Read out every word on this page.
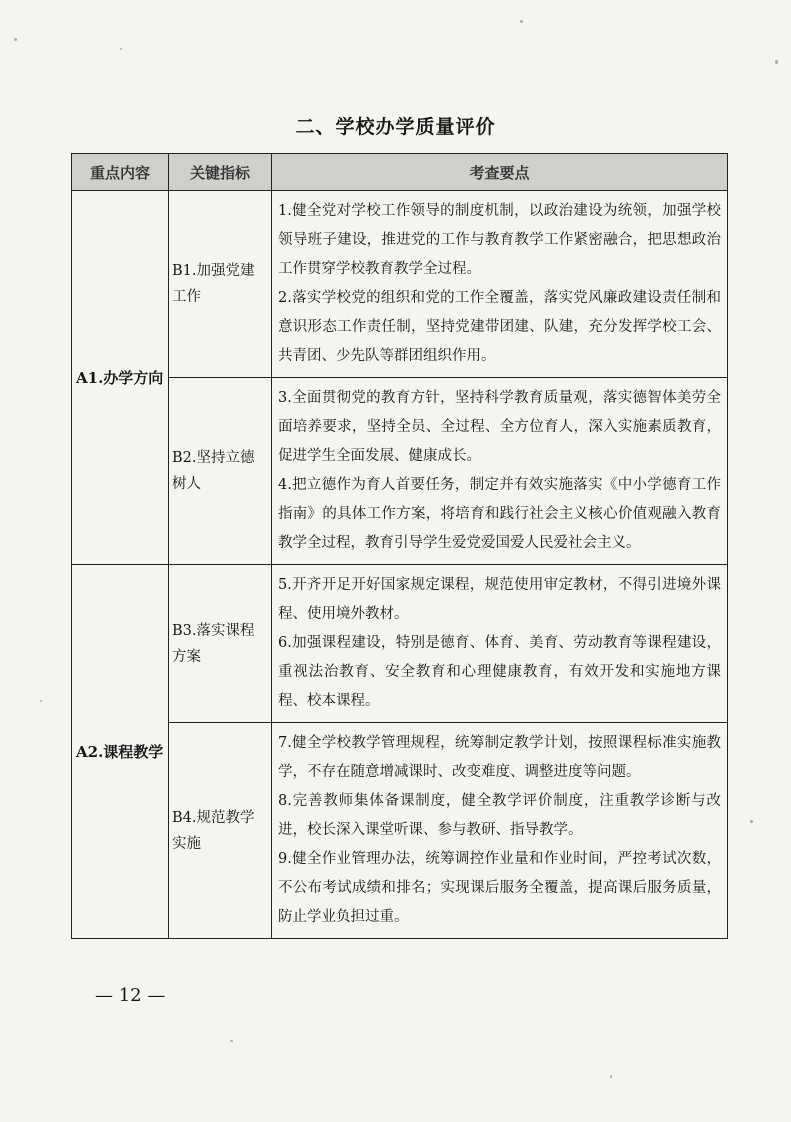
二、学校办学质量评价
重点内容	关键指标	考查要点
A1.办学方向	B1.加强党建工作	1.健全党对学校工作领导的制度机制，以政治建设为统领，加强学校领导班子建设，推进党的工作与教育教学工作紧密融合，把思想政治工作贯穿学校教育教学全过程。

2.落实学校党的组织和党的工作全覆盖，落实党风廉政建设责任制和意识形态工作责任制，坚持党建带团建、队建，充分发挥学校工会、共青团、少先队等群团组织作用。

	B2.坚持立德树人	3.全面贯彻党的教育方针，坚持科学教育质量观，落实德智体美劳全面培养要求，坚持全员、全过程、全方位育人，深入实施素质教育，促进学生全面发展、健康成长。

4.把立德作为育人首要任务，制定并有效实施落实《中小学德育工作指南》的具体工作方案，将培育和践行社会主义核心价值观融入教育教学全过程，教育引导学生爱党爱国爱人民爱社会主义。

A2.课程教学	B3.落实课程方案	5.开齐开足开好国家规定课程，规范使用审定教材，不得引进境外课程、使用境外教材。

6.加强课程建设，特别是德育、体育、美育、劳动教育等课程建设，重视法治教育、安全教育和心理健康教育，有效开发和实施地方课程、校本课程。

	B4.规范教学实施	7.健全学校教学管理规程，统筹制定教学计划，按照课程标准实施教学，不存在随意增减课时、改变难度、调整进度等问题。

8.完善教师集体备课制度，健全教学评价制度，注重教学诊断与改进，校长深入课堂听课、参与教研、指导教学。

9.健全作业管理办法，统筹调控作业量和作业时间，严控考试次数，不公布考试成绩和排名；实现课后服务全覆盖，提高课后服务质量，防止学业负担过重。

— 12 —
